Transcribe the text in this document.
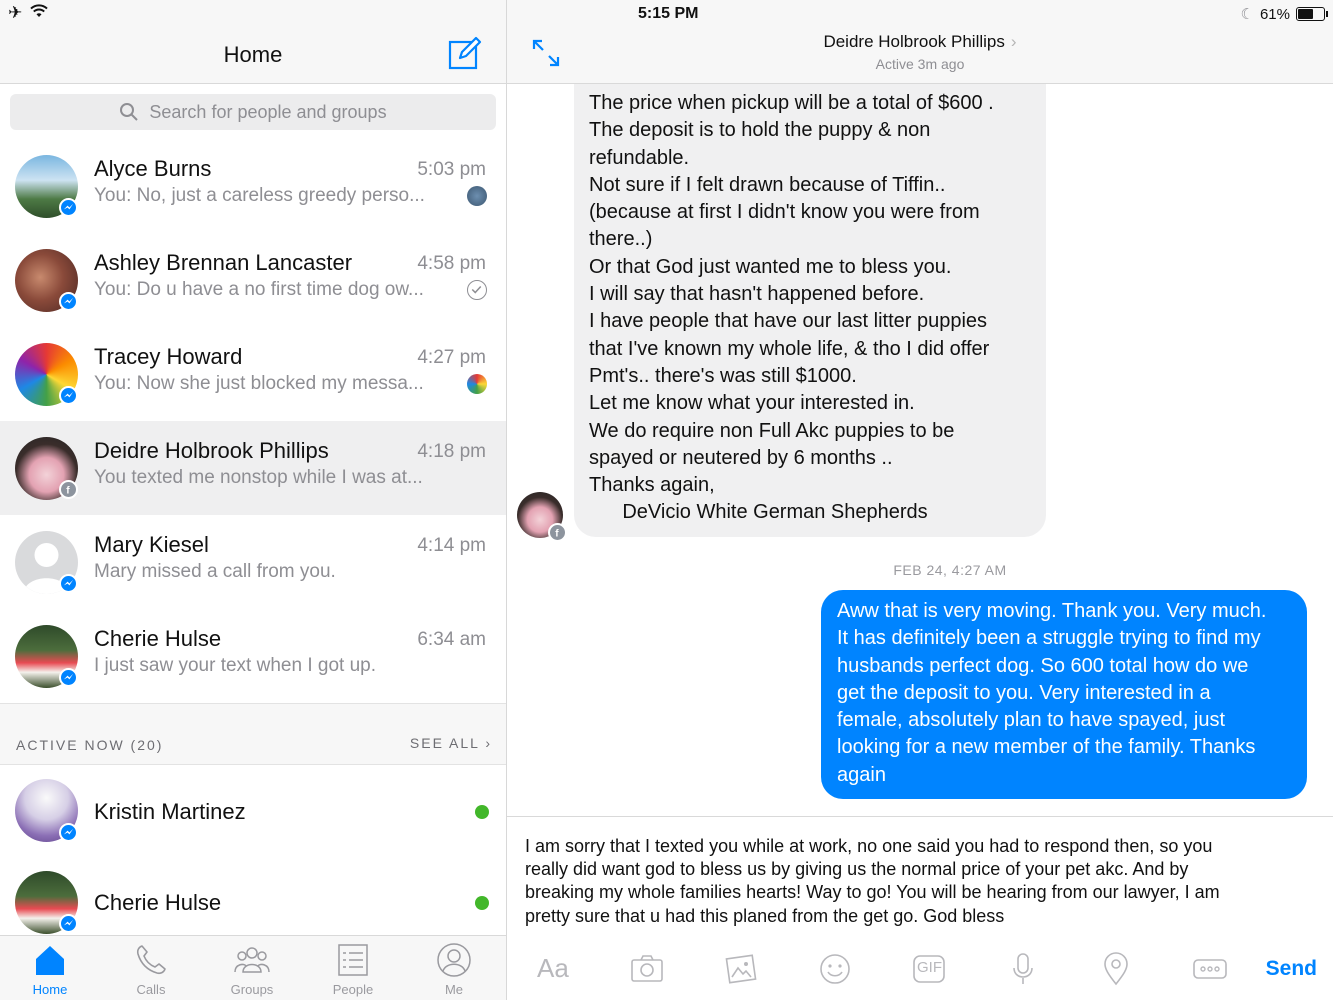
✈
Home
Search for people and groups
Alyce Burns	5:03 pm
You: No, just a careless greedy perso...
Ashley Brennan Lancaster	4:58 pm
You: Do u have a no first time dog ow...
Tracey Howard	4:27 pm
You: Now she just blocked my messa...
f
Deidre Holbrook Phillips	4:18 pm
You texted me nonstop while I was at...
Mary Kiesel	4:14 pm
Mary missed a call from you.
Cherie Hulse	6:34 am
I just saw your text when I got up.
ACTIVE NOW (20)	SEE ALL ›
Kristin Martinez
Cherie Hulse
Home	Calls	Groups	People	Me
5:15 PM	☾ 61%
Deidre Holbrook Phillips ›
Active 3m ago
The price when pickup will be a total of $600 .
The deposit is to hold the puppy & non
refundable.
Not sure if I felt drawn because of Tiffin..
(because at first I didn't know you were from
there..)
Or that God just wanted me to bless you.
I will say that hasn't happened before.
I have people that have our last litter puppies
that I've known my whole life, & tho I did offer
Pmt's.. there's was still $1000.
Let me know what your interested in.
We do require non Full Akc puppies to be
spayed or neutered by 6 months ..
Thanks again,
DeVicio White German Shepherds
f
FEB 24, 4:27 AM
Aww that is very moving. Thank you. Very much.
It has definitely been a struggle trying to find my
husbands perfect dog. So 600 total how do we
get the deposit to you. Very interested in a
female, absolutely plan to have spayed, just
looking for a new member of the family. Thanks
again
I am sorry that I texted you while at work, no one said you had to respond then, so you
really did want god to bless us by giving us the normal price of your pet akc. And by
breaking my whole families hearts! Way to go! You will be hearing from our lawyer, I am
pretty sure that u had this planed from the get go. God bless
Aa	GIF	Send
